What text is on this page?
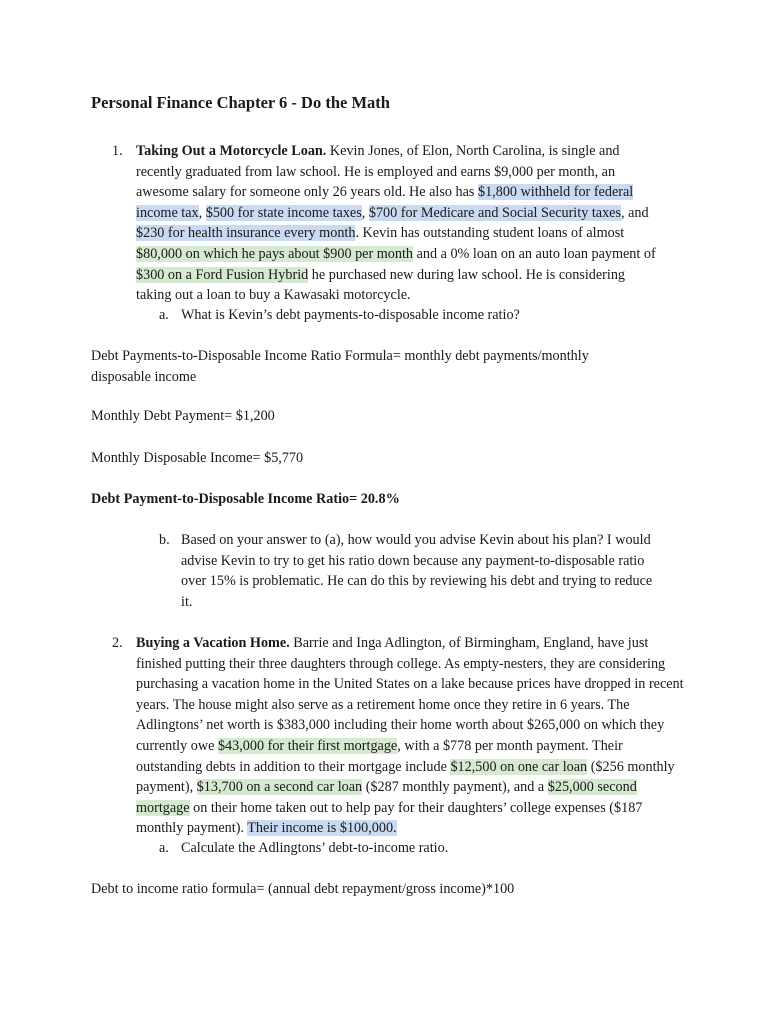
Personal Finance Chapter 6 - Do the Math
1. Taking Out a Motorcycle Loan. Kevin Jones, of Elon, North Carolina, is single and recently graduated from law school. He is employed and earns $9,000 per month, an awesome salary for someone only 26 years old. He also has $1,800 withheld for federal income tax, $500 for state income taxes, $700 for Medicare and Social Security taxes, and $230 for health insurance every month. Kevin has outstanding student loans of almost $80,000 on which he pays about $900 per month and a 0% loan on an auto loan payment of $300 on a Ford Fusion Hybrid he purchased new during law school. He is considering taking out a loan to buy a Kawasaki motorcycle.

a. What is Kevin’s debt payments-to-disposable income ratio?

Debt Payments-to-Disposable Income Ratio Formula= monthly debt payments/monthly disposable income

Monthly Debt Payment= $1,200

Monthly Disposable Income= $5,770

Debt Payment-to-Disposable Income Ratio= 20.8%

b. Based on your answer to (a), how would you advise Kevin about his plan? I would advise Kevin to try to get his ratio down because any payment-to-disposable ratio over 15% is problematic. He can do this by reviewing his debt and trying to reduce it.

2. Buying a Vacation Home. Barrie and Inga Adlington, of Birmingham, England, have just finished putting their three daughters through college. As empty-nesters, they are considering purchasing a vacation home in the United States on a lake because prices have dropped in recent years. The house might also serve as a retirement home once they retire in 6 years. The Adlingtons’ net worth is $383,000 including their home worth about $265,000 on which they currently owe $43,000 for their first mortgage, with a $778 per month payment. Their outstanding debts in addition to their mortgage include $12,500 on one car loan ($256 monthly payment), $13,700 on a second car loan ($287 monthly payment), and a $25,000 second mortgage on their home taken out to help pay for their daughters’ college expenses ($187 monthly payment). Their income is $100,000.

a. Calculate the Adlingtons’ debt-to-income ratio.

Debt to income ratio formula= (annual debt repayment/gross income)*100
